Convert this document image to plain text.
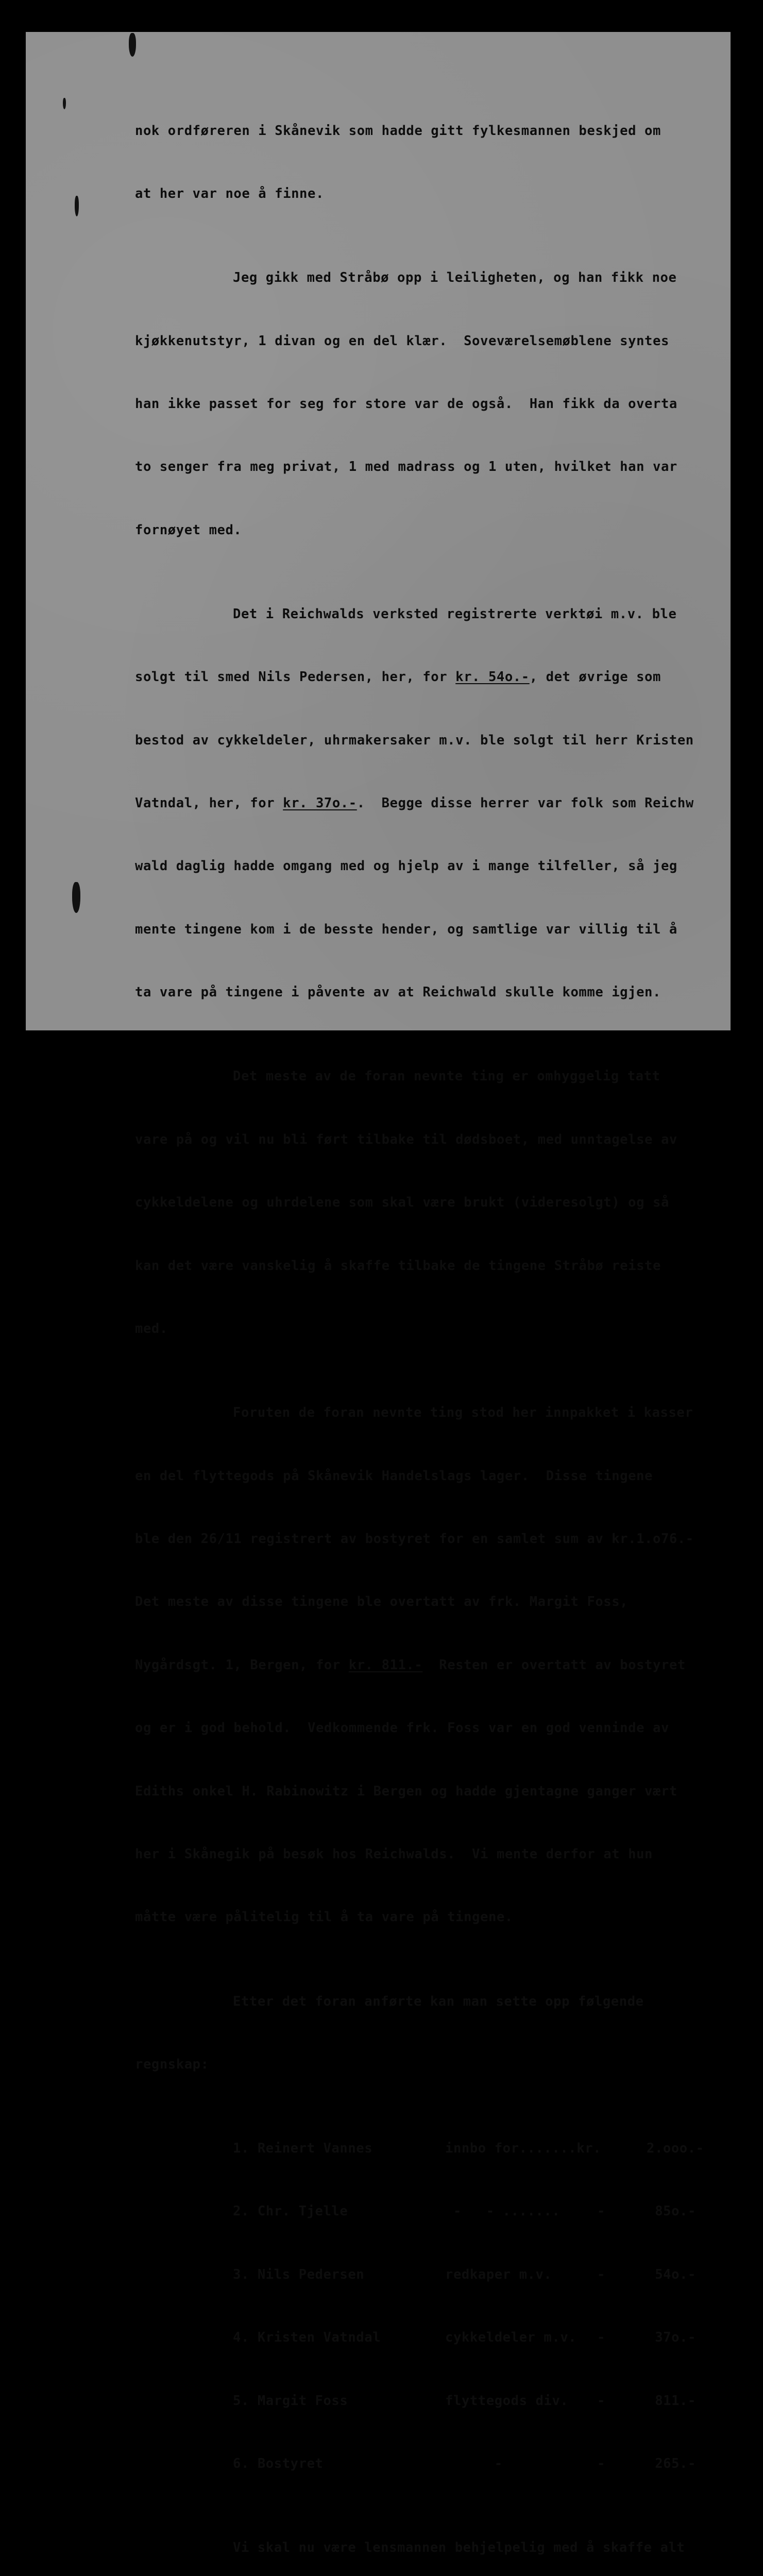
nok ordføreren i Skånevik som hadde gitt fylkesmannen beskjed om

at her var noe å finne.

Jeg gikk med Stråbø opp i leiligheten, og han fikk noe

kjøkkenutstyr, 1 divan og en del klær.  Soveværelsemøblene syntes

han ikke passet for seg for store var de også.  Han fikk da overta

to senger fra meg privat, 1 med madrass og 1 uten, hvilket han var

fornøyet med.

Det i Reichwalds verksted registrerte verktøi m.v. ble

solgt til smed Nils Pedersen, her, for kr. 54o.-, det øvrige som

bestod av cykkeldeler, uhrmakersaker m.v. ble solgt til herr Kristen

Vatndal, her, for kr. 37o.-.  Begge disse herrer var folk som Reichw

wald daglig hadde omgang med og hjelp av i mange tilfeller, så jeg

mente tingene kom i de besste hender, og samtlige var villig til å

ta vare på tingene i påvente av at Reichwald skulle komme igjen.

Det meste av de foran nevnte ting er omhyggelig tatt

vare på og vil nu bli ført tilbake til dødsboet, med unntagelse av

cykkeldelene og uhrdelene som skal være brukt (videresolgt) og så

kan det være vanskelig å skaffe tilbake de tingene Stråbø reiste

med.

Foruten de foran nevnte ting stod her innpakket i kasser

en del flyttegods på Skånevik Handelslags lager.  Disse tingene

ble den 26/11 registrert av bostyret for en samlet sum av kr.1.o76.-

Det meste av disse tingene ble overtatt av frk. Margit Foss,

Nygårdsgt. 1, Bergen, for kr. 811.-  Resten er overtatt av bostyret

og er i god behold.  Vedkommende frk. Foss var en god venninde av

Ediths onkel H. Rabinowitz i Bergen og hadde gjentagne ganger vært

her i Skånegik på besøk hos Reichwalds.  Vi mente derfor at hun

måtte være pålitelig til å ta vare på tingene.

Etter det foran anførte kan man sette opp følgende

regnskap:

1. Reinert Vannes	innbo for.......kr.	2.ooo.-

2. Chr. Tjelle	-   - .......	-	85o.-

3. Nils Pedersen	redkaper m.v.	-	54o.-

4. Kristen Vatndal	cykkeldeler m.v.	-	37o.-

5. Margit Foss	flyttegods div.	-	811.-

6. Bostyret	-	-	265.-

Vi skal nu være lensmannen behjelpelig med å skaffe alt
